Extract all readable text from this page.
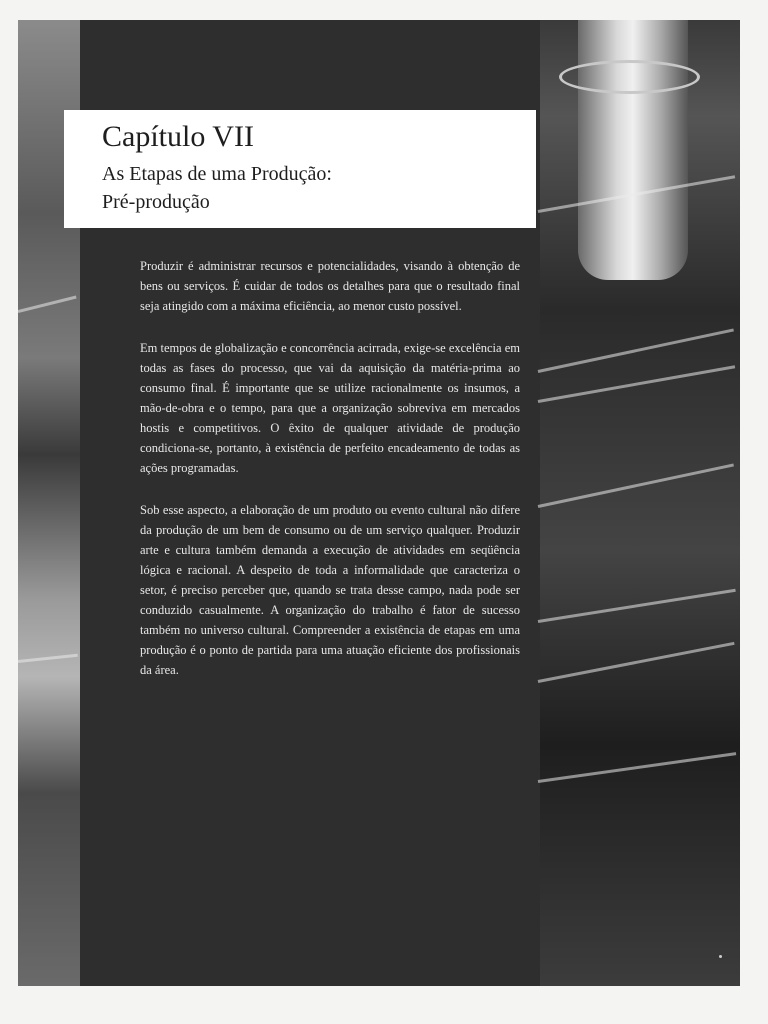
Capítulo VII
As Etapas de uma Produção:
Pré-produção

Produzir é administrar recursos e potencialidades, visando à obtenção de bens ou serviços. É cuidar de todos os detalhes para que o resultado final seja atingido com a máxima eficiência, ao menor custo possível.

Em tempos de globalização e concorrência acirrada, exige-se excelência em todas as fases do processo, que vai da aquisição da matéria-prima ao consumo final. É importante que se utilize racionalmente os insumos, a mão-de-obra e o tempo, para que a organização sobreviva em mercados hostis e competitivos. O êxito de qualquer atividade de produção condiciona-se, portanto, à existência de perfeito encadeamento de todas as ações programadas.

Sob esse aspecto, a elaboração de um produto ou evento cultural não difere da produção de um bem de consumo ou de um serviço qualquer. Produzir arte e cultura também demanda a execução de atividades em seqüência lógica e racional. A despeito de toda a informalidade que caracteriza o setor, é preciso perceber que, quando se trata desse campo, nada pode ser conduzido casualmente. A organização do trabalho é fator de sucesso também no universo cultural. Compreender a existência de etapas em uma produção é o ponto de partida para uma atuação eficiente dos profissionais da área.
